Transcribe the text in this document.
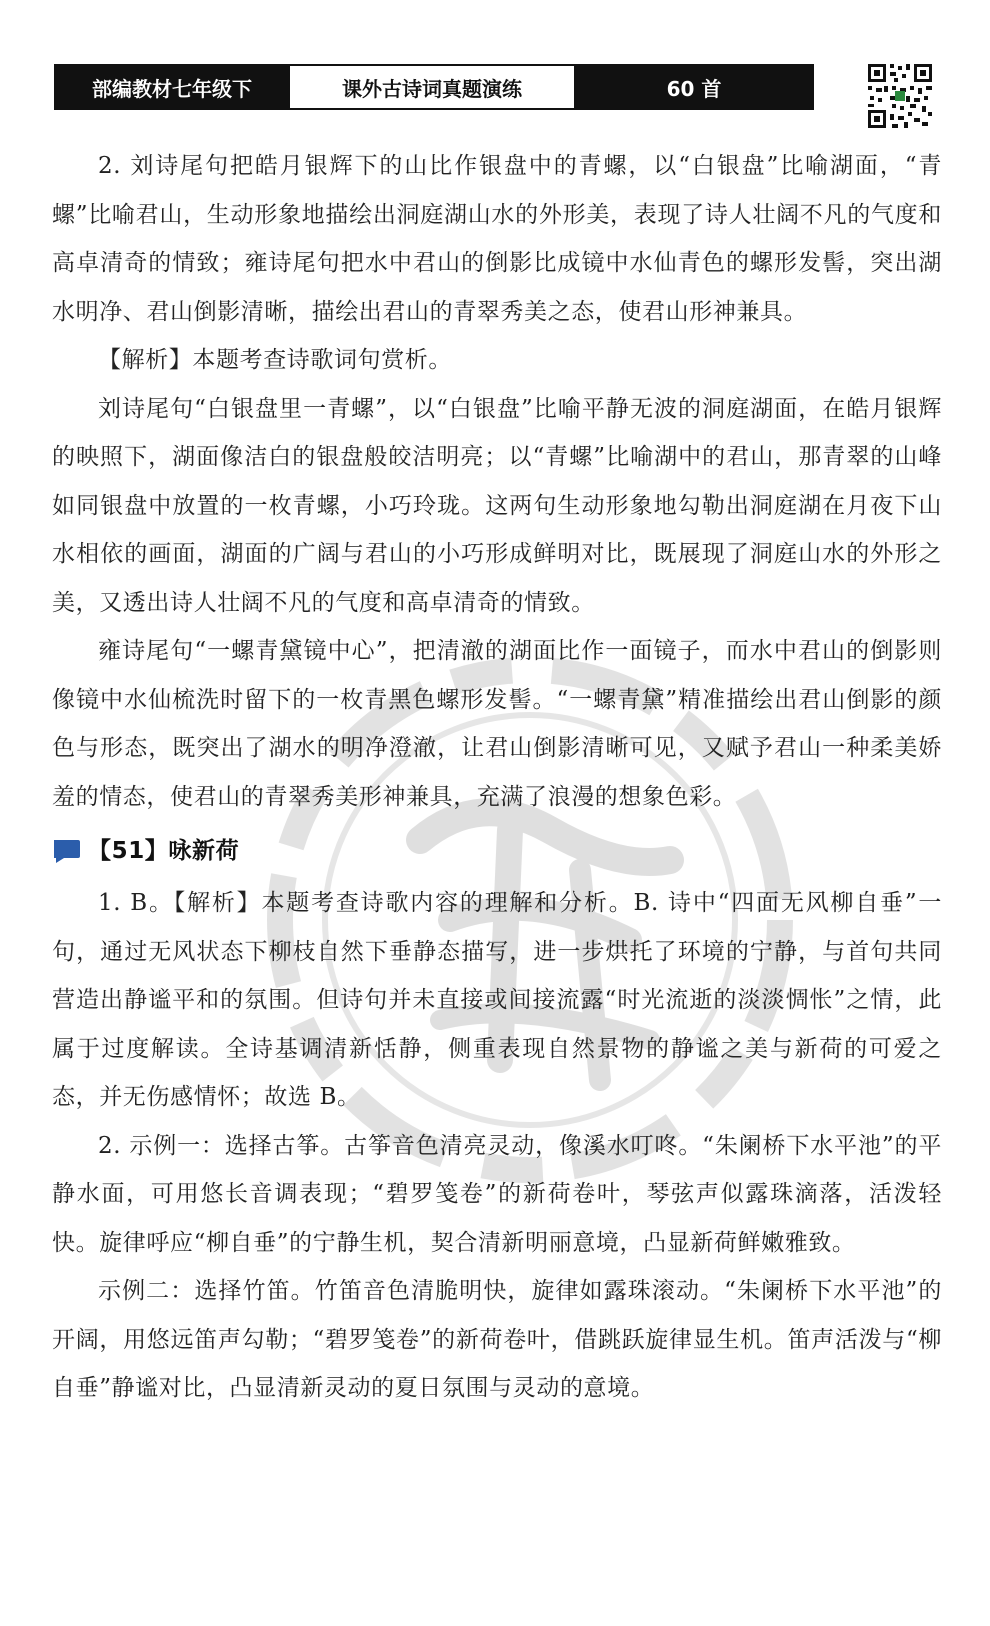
部编教材七年级下	课外古诗词真题演练	60 首

2. 刘诗尾句把皓月银辉下的山比作银盘中的青螺，以“白银盘”比喻湖面，“青螺”比喻君山，生动形象地描绘出洞庭湖山水的外形美，表现了诗人壮阔不凡的气度和高卓清奇的情致；雍诗尾句把水中君山的倒影比成镜中水仙青色的螺形发髻，突出湖水明净、君山倒影清晰，描绘出君山的青翠秀美之态，使君山形神兼具。

【解析】本题考查诗歌词句赏析。

刘诗尾句“白银盘里一青螺”，以“白银盘”比喻平静无波的洞庭湖面，在皓月银辉的映照下，湖面像洁白的银盘般皎洁明亮；以“青螺”比喻湖中的君山，那青翠的山峰如同银盘中放置的一枚青螺，小巧玲珑。这两句生动形象地勾勒出洞庭湖在月夜下山水相依的画面，湖面的广阔与君山的小巧形成鲜明对比，既展现了洞庭山水的外形之美，又透出诗人壮阔不凡的气度和高卓清奇的情致。

雍诗尾句“一螺青黛镜中心”，把清澈的湖面比作一面镜子，而水中君山的倒影则像镜中水仙梳洗时留下的一枚青黑色螺形发髻。“一螺青黛”精准描绘出君山倒影的颜色与形态，既突出了湖水的明净澄澈，让君山倒影清晰可见，又赋予君山一种柔美娇羞的情态，使君山的青翠秀美形神兼具，充满了浪漫的想象色彩。

【51】咏新荷

1. B。【解析】本题考查诗歌内容的理解和分析。B. 诗中“四面无风柳自垂”一句，通过无风状态下柳枝自然下垂静态描写，进一步烘托了环境的宁静，与首句共同营造出静谧平和的氛围。但诗句并未直接或间接流露“时光流逝的淡淡惆怅”之情，此属于过度解读。全诗基调清新恬静，侧重表现自然景物的静谧之美与新荷的可爱之态，并无伤感情怀；故选 B。

2. 示例一：选择古筝。古筝音色清亮灵动，像溪水叮咚。“朱阑桥下水平池”的平静水面，可用悠长音调表现；“碧罗笺卷”的新荷卷叶，琴弦声似露珠滴落，活泼轻快。旋律呼应“柳自垂”的宁静生机，契合清新明丽意境，凸显新荷鲜嫩雅致。

示例二：选择竹笛。竹笛音色清脆明快，旋律如露珠滚动。“朱阑桥下水平池”的开阔，用悠远笛声勾勒；“碧罗笺卷”的新荷卷叶，借跳跃旋律显生机。笛声活泼与“柳自垂”静谧对比，凸显清新灵动的夏日氛围与灵动的意境。
